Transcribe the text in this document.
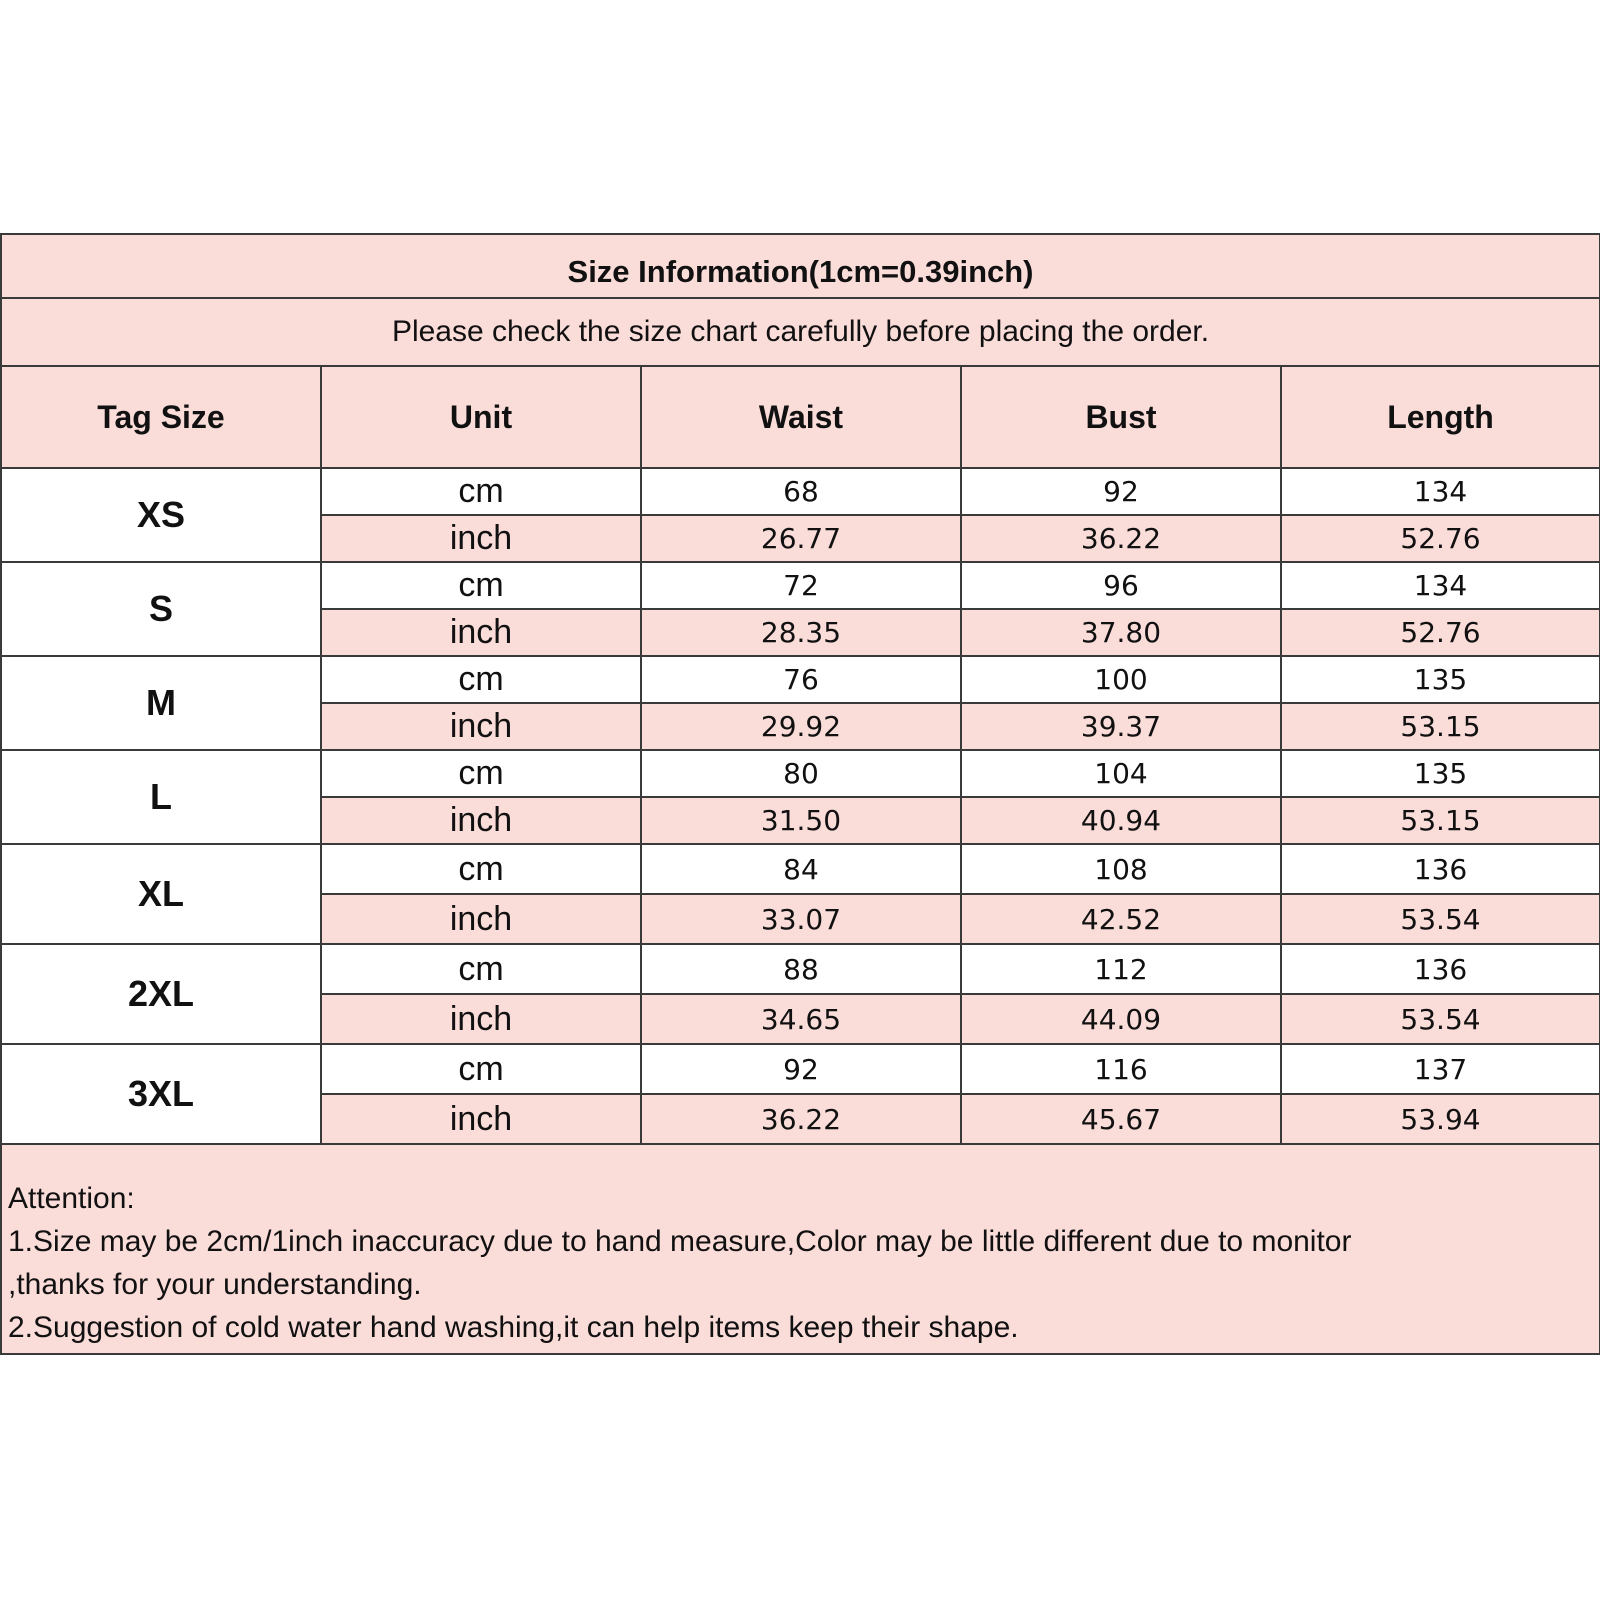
Size Information(1cm=0.39inch)				
Please check the size chart carefully before placing the order.				
Tag Size	Unit	Waist	Bust	Length
XS	cm	68	92	134
	inch	26.77	36.22	52.76
S	cm	72	96	134
	inch	28.35	37.80	52.76
M	cm	76	100	135
	inch	29.92	39.37	53.15
L	cm	80	104	135
	inch	31.50	40.94	53.15
XL	cm	84	108	136
	inch	33.07	42.52	53.54
2XL	cm	88	112	136
	inch	34.65	44.09	53.54
3XL	cm	92	116	137
	inch	36.22	45.67	53.94

Attention:
1.Size may be 2cm/1inch inaccuracy due to hand measure,Color may be little different due to monitor
,thanks for your understanding.
2.Suggestion of cold water hand washing,it can help items keep their shape.				
